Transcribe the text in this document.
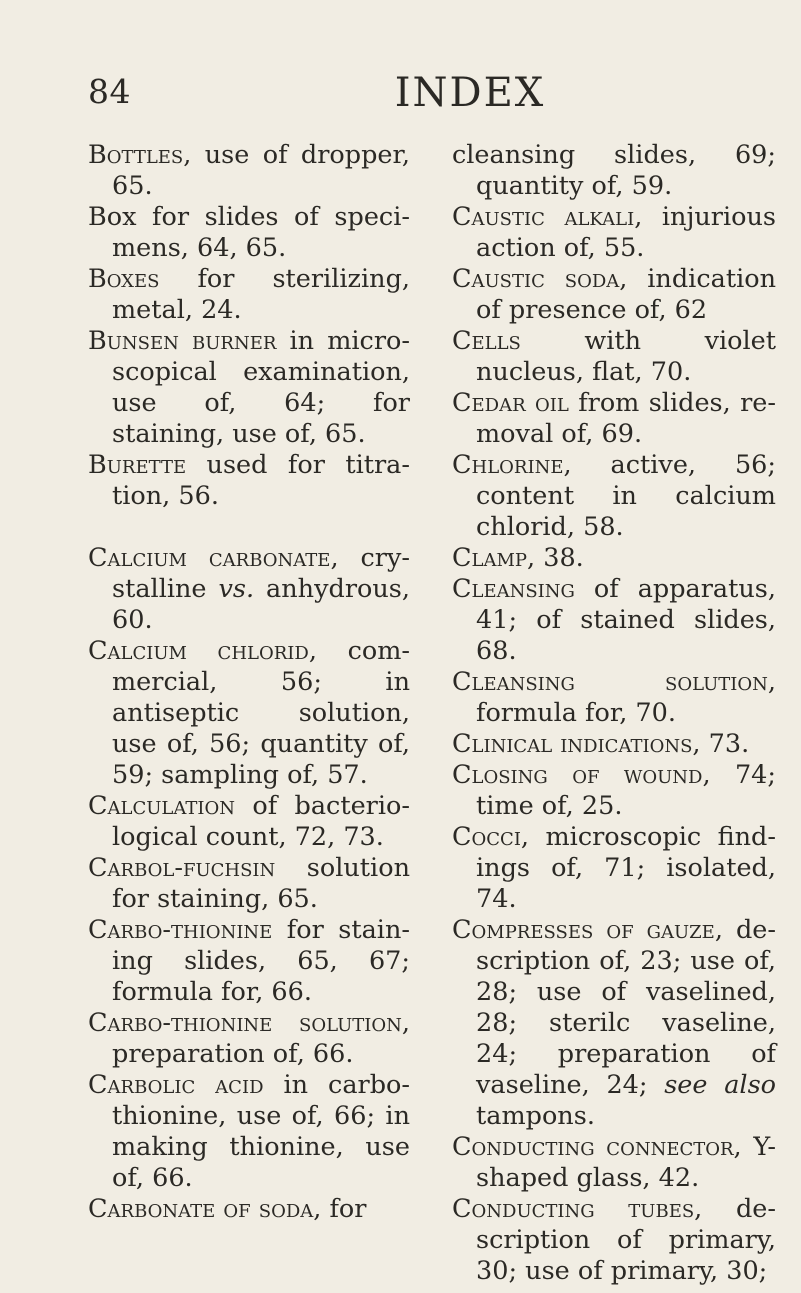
84	INDEX

Bottles, use of dropper, 65.

Box for slides of specimens, 64, 65.

Boxes for sterilizing, metal, 24.

Bunsen burner in microscopical examination, use of, 64; for staining, use of, 65.

Burette used for titration, 56.

Calcium carbonate, crystalline vs. anhydrous, 60.

Calcium chlorid, commercial, 56; in antiseptic solution, use of, 56; quantity of, 59; sampling of, 57.

Calculation of bacteriological count, 72, 73.

Carbol-fuchsin solution for staining, 65.

Carbo-thionine for staining slides, 65, 67; formula for, 66.

Carbo-thionine solution, preparation of, 66.

Carbolic acid in carbothionine, use of, 66; in making thionine, use of, 66.

Carbonate of soda, for

cleansing slides, 69; quantity of, 59.

Caustic alkali, injurious action of, 55.

Caustic soda, indication of presence of, 62

Cells with violet nucleus, flat, 70.

Cedar oil from slides, removal of, 69.

Chlorine, active, 56; content in calcium chlorid, 58.

Clamp, 38.

Cleansing of apparatus, 41; of stained slides, 68.

Cleansing solution, formula for, 70.

Clinical indications, 73.

Closing of wound, 74; time of, 25.

Cocci, microscopic findings of, 71; isolated, 74.

Compresses of gauze, description of, 23; use of, 28; use of vaselined, 28; sterilc vaseline, 24; preparation of vaseline, 24; see also tampons.

Conducting connector, Y-shaped glass, 42.

Conducting tubes, description of primary, 30; use of primary, 30;
